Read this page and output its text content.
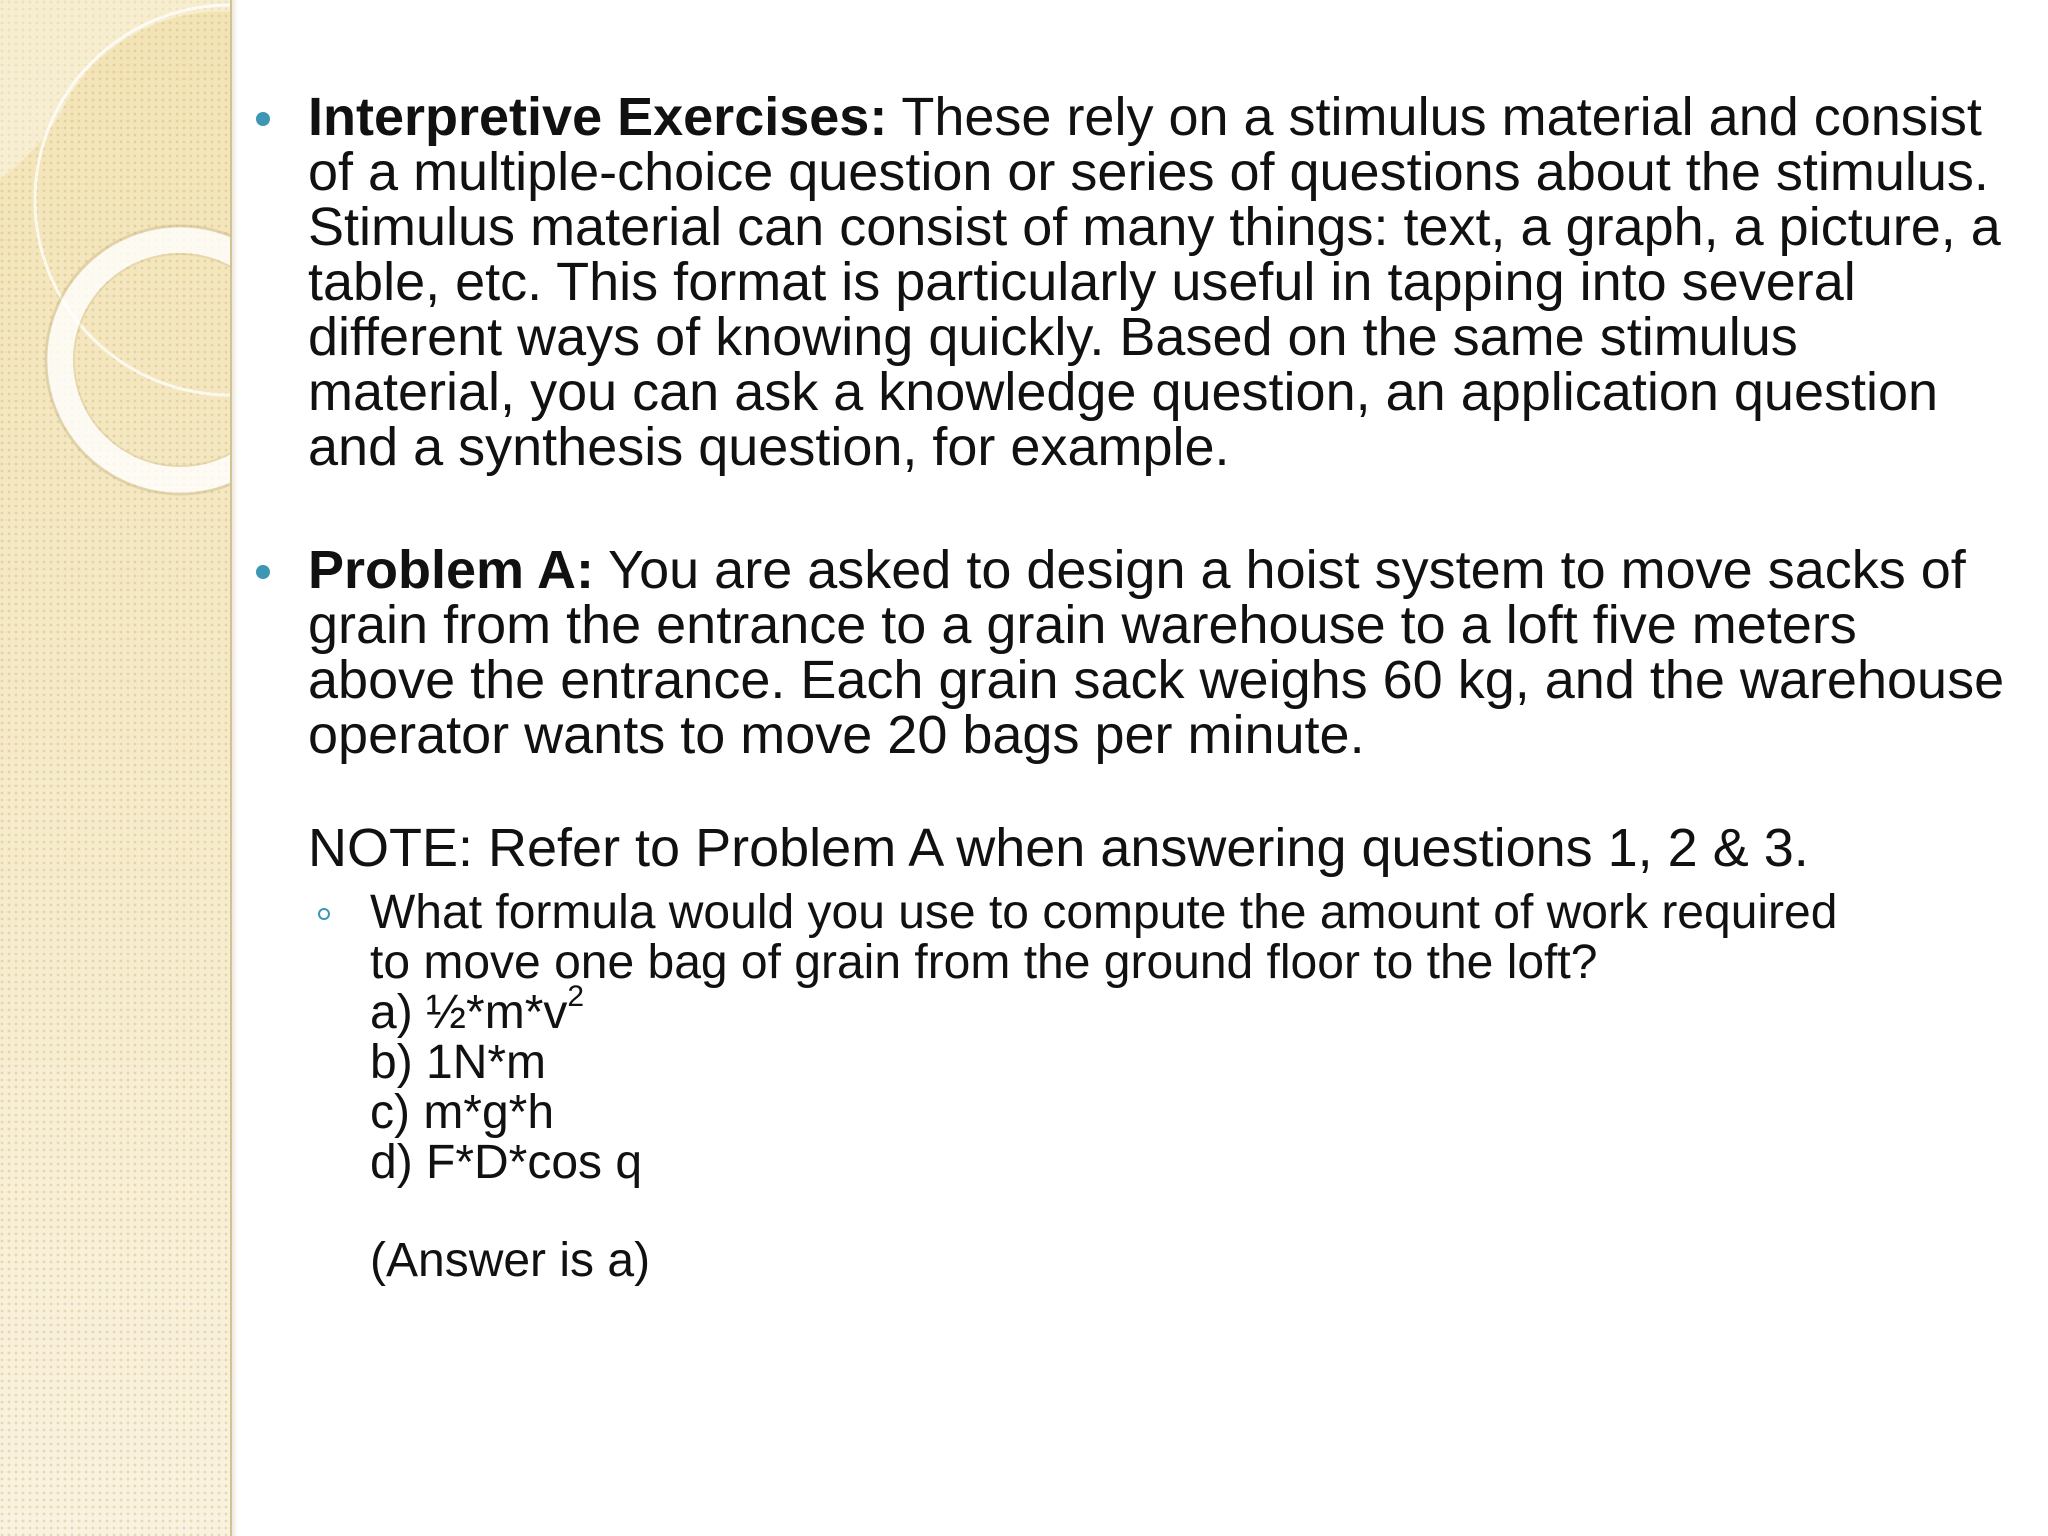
Interpretive Exercises: These rely on a stimulus material and consist of a multiple-choice question or series of questions about the stimulus. Stimulus material can consist of many things: text, a graph, a picture, a table, etc. This format is particularly useful in tapping into several different ways of knowing quickly. Based on the same stimulus material, you can ask a knowledge question, an application question and a synthesis question, for example.

Problem A: You are asked to design a hoist system to move sacks of grain from the entrance to a grain warehouse to a loft five meters above the entrance. Each grain sack weighs 60 kg, and the warehouse operator wants to move 20 bags per minute.

NOTE: Refer to Problem A when answering questions 1, 2 & 3.

What formula would you use to compute the amount of work required

to move one bag of grain from the ground floor to the loft?

a) $\frac{1}{2}*m*v^2$

b) 1N*m

c) m*g*h

d) F*D*cos q

(Answer is a)
